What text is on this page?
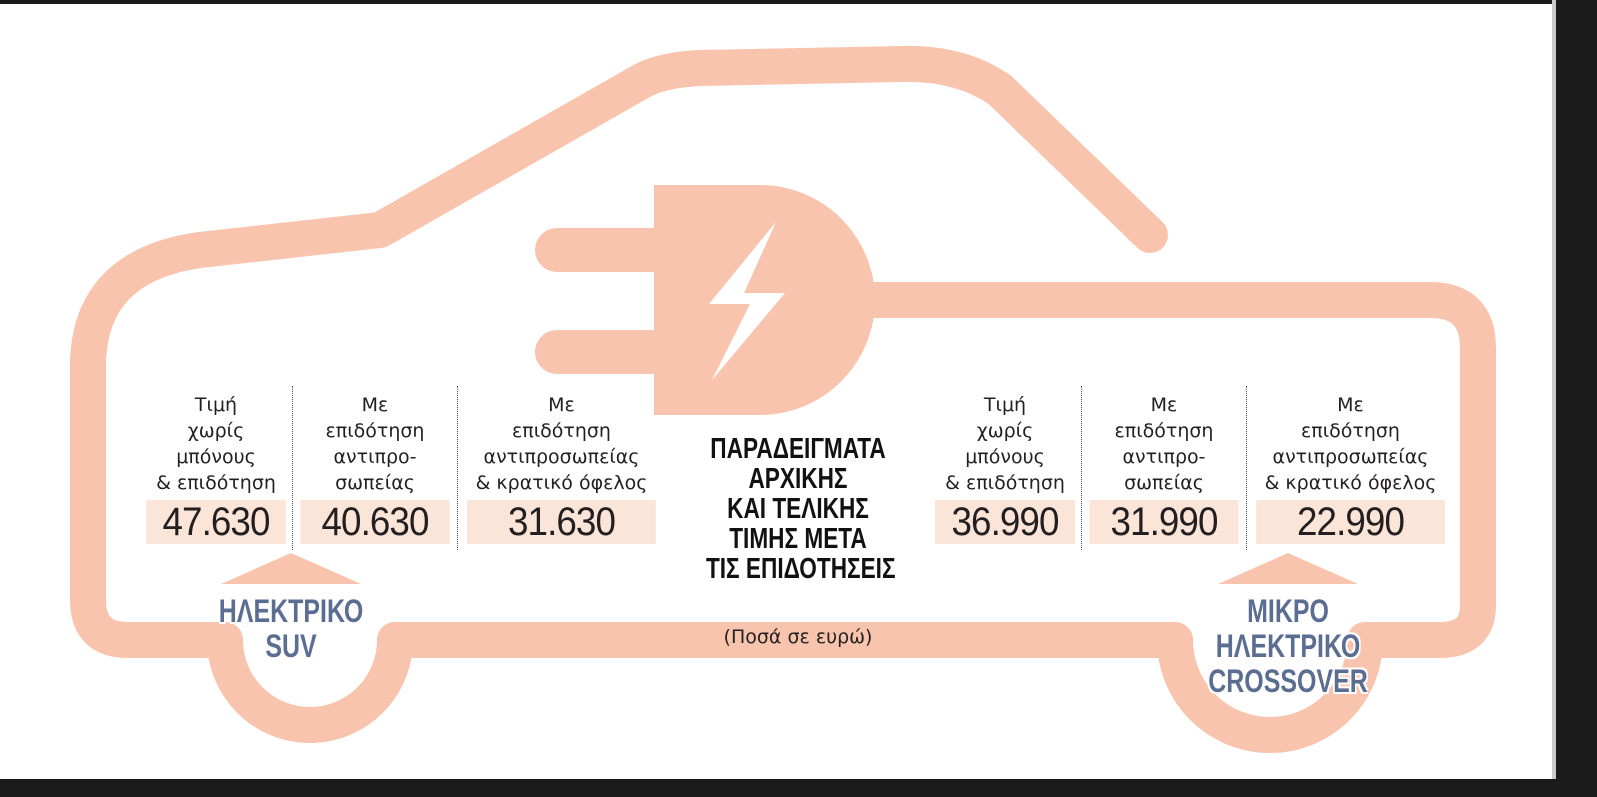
Τιμή
χωρίς
μπόνους
& επιδότηση
47.630
Με
επιδότηση
αντιπρο-
σωπείας
40.630
Με
επιδότηση
αντιπροσωπείας
& κρατικό όφελος
31.630
Τιμή
χωρίς
μπόνους
& επιδότηση
36.990
Με
επιδότηση
αντιπρο-
σωπείας
31.990
Με
επιδότηση
αντιπροσωπείας
& κρατικό όφελος
22.990
ΠΑΡΑΔΕΙΓΜΑΤΑ
ΑΡΧΙΚΗΣ
ΚΑΙ ΤΕΛΙΚΗΣ
ΤΙΜΗΣ ΜΕΤΑ
ΤΙΣ ΕΠΙΔΟΤΗΣΕΙΣ
(Ποσά σε ευρώ)
ΗΛΕΚΤΡΙΚΟ
SUV
ΜΙΚΡΟ
ΗΛΕΚΤΡΙΚΟ
CROSSOVER
